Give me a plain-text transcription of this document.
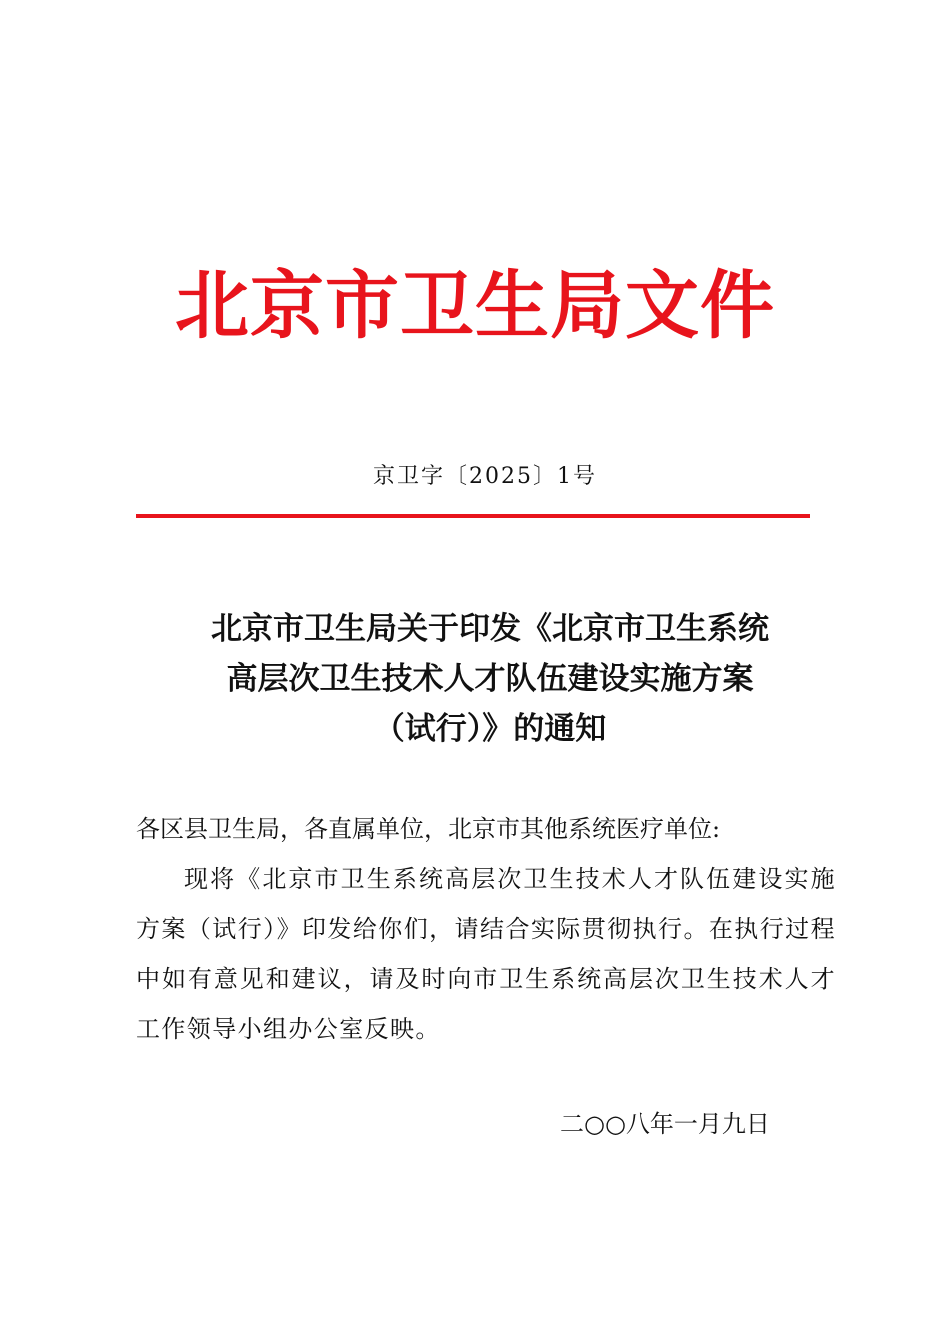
北京市卫生局文件
京卫字〔2025〕1号
北京市卫生局关于印发《北京市卫生系统
高层次卫生技术人才队伍建设实施方案
（试行）》的通知

各区县卫生局，各直属单位，北京市其他系统医疗单位:

现将《北京市卫生系统高层次卫生技术人才队伍建设实施方案（试行）》印发给你们，请结合实际贯彻执行。在执行过程中如有意见和建议，请及时向市卫生系统高层次卫生技术人才工作领导小组办公室反映。

二○○八年一月九日
